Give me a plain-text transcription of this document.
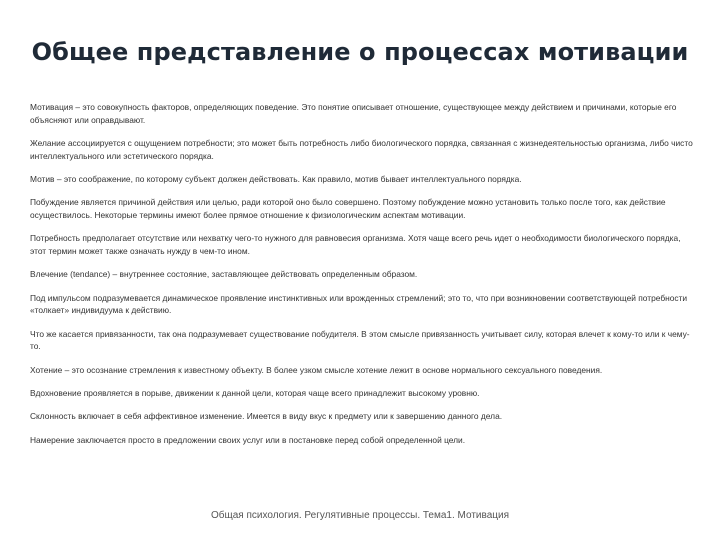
Общее представление о процессах мотивации

Мотивация – это совокупность факторов, определяющих поведение. Это понятие описывает отношение, существующее между действием и причинами, которые его объясняют или оправдывают.

Желание ассоциируется с ощущением потребности; это может быть потребность либо биологического порядка, связанная с жизнедеятельностью организма, либо чисто интеллектуального или эстетического порядка.

Мотив – это соображение, по которому субъект должен действовать. Как правило, мотив бывает интеллектуального порядка.

Побуждение является причиной действия или целью, ради которой оно было совершено. Поэтому побуждение можно установить только после того, как действие осуществилось. Некоторые термины имеют более прямое отношение к физиологическим аспектам мотивации.

Потребность предполагает отсутствие или нехватку чего-то нужного для равновесия организма. Хотя чаще всего речь идет о необходимости биологического порядка, этот термин может также означать нужду в чем-то ином.

Влечение (tendance) – внутреннее состояние, заставляющее действовать определенным образом.

Под импульсом подразумевается динамическое проявление инстинктивных или врожденных стремлений; это то, что при возникновении соответствующей потребности «толкает» индивидуума к действию.

Что же касается привязанности, так она подразумевает существование побудителя. В этом смысле привязанность учитывает силу, которая влечет к кому-то или к чему-то.

Хотение – это осознание стремления к известному объекту. В более узком смысле хотение лежит в основе нормального сексуального поведения.

Вдохновение проявляется в порыве, движении к данной цели, которая чаще всего принадлежит высокому уровню.

Склонность включает в себя аффективное изменение. Имеется в виду вкус к предмету или к завершению данного дела.

Намерение заключается просто в предложении своих услуг или в постановке перед собой определенной цели.

Общая психология. Регулятивные процессы. Тема1. Мотивация
